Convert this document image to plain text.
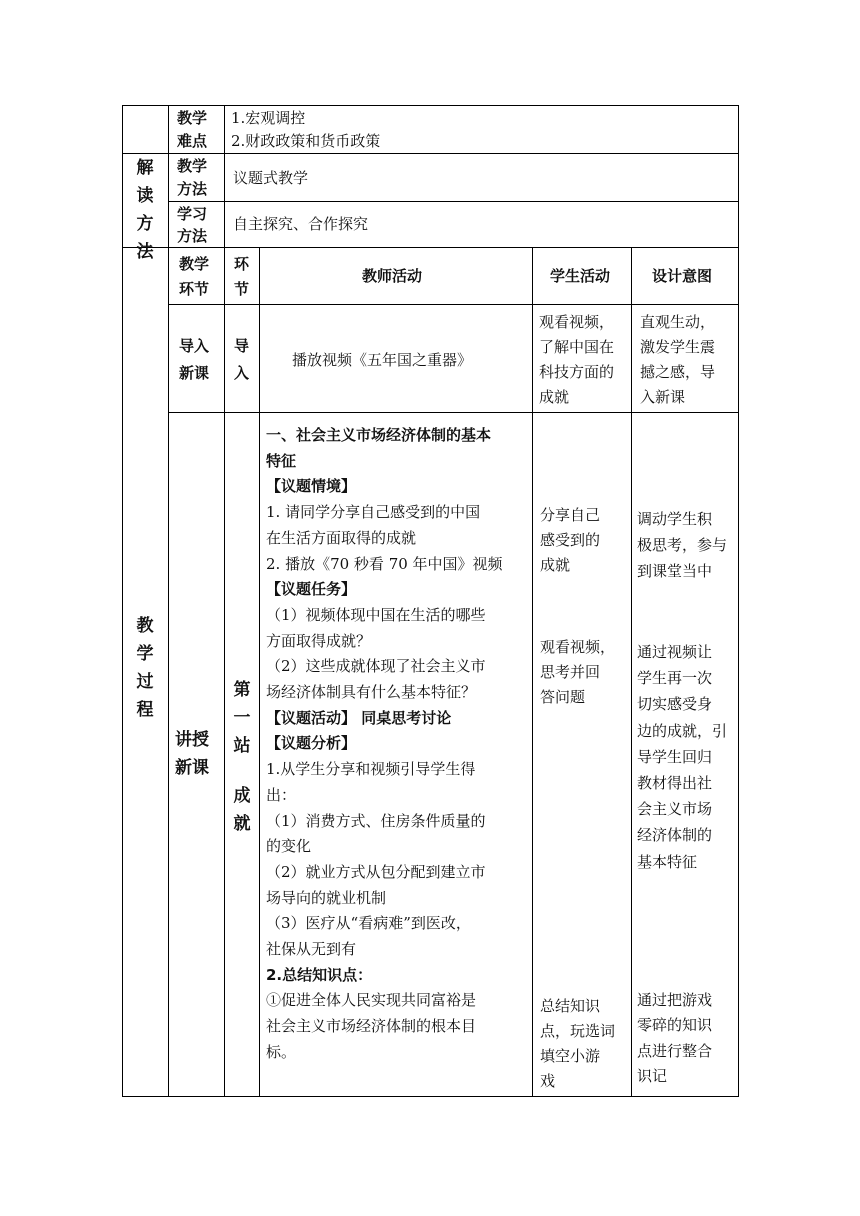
教学
难点
1.宏观调控
2.财政政策和货币政策
解读方法
教学
方法
议题式教学
学习
方法
自主探究、合作探究
教学过程
教学
环节
环
节
教师活动	学生活动	设计意图
导入
新课
导
入
播放视频《五年国之重器》
观看视频，
了解中国在
科技方面的
成就
直观生动，
激发学生震
撼之感，导
入新课
讲授
新课
第一站
成就
一、社会主义市场经济体制的基本
特征
【议题情境】
1. 请同学分享自己感受到的中国
在生活方面取得的成就
2. 播放《70 秒看 70 年中国》视频
【议题任务】
（1）视频体现中国在生活的哪些
方面取得成就？
（2）这些成就体现了社会主义市
场经济体制具有什么基本特征？
【议题活动】 同桌思考讨论
【议题分析】
1.从学生分享和视频引导学生得
出：
（1）消费方式、住房条件质量的
的变化
（2）就业方式从包分配到建立市
场导向的就业机制
（3）医疗从“看病难”到医改，
社保从无到有
2.总结知识点：
①促进全体人民实现共同富裕是
社会主义市场经济体制的根本目
标。
分享自己
感受到的
成就
观看视频，
思考并回
答问题
总结知识
点，玩选词
填空小游
戏
调动学生积
极思考，参与
到课堂当中
通过视频让
学生再一次
切实感受身
边的成就，引
导学生回归
教材得出社
会主义市场
经济体制的
基本特征
通过把游戏
零碎的知识
点进行整合
识记
